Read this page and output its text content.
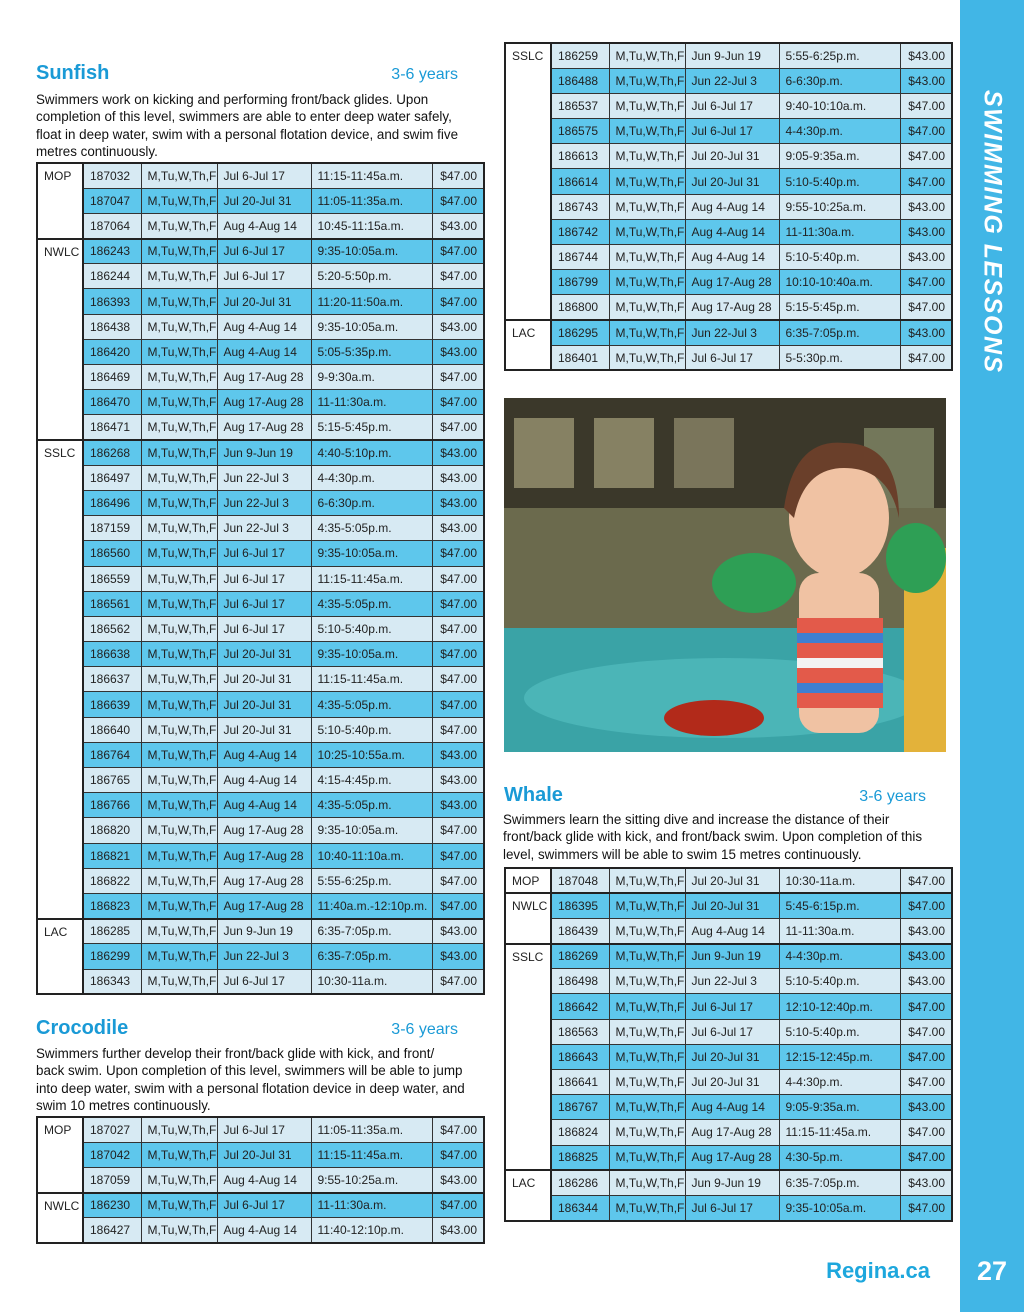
SWIMMING LESSONS
Regina.ca	27
Sunfish	3-6 years
Swimmers work on kicking and performing front/back glides. Upon completion of this level, swimmers are able to enter deep water safely, float in deep water, swim with a personal flotation device, and swim five metres continuously.
MOP	187032	M,Tu,W,Th,F	Jul 6-Jul 17	11:15-11:45a.m.	$47.00
	187047	M,Tu,W,Th,F	Jul 20-Jul 31	11:05-11:35a.m.	$47.00
	187064	M,Tu,W,Th,F	Aug 4-Aug 14	10:45-11:15a.m.	$43.00
NWLC	186243	M,Tu,W,Th,F	Jul 6-Jul 17	9:35-10:05a.m.	$47.00
	186244	M,Tu,W,Th,F	Jul 6-Jul 17	5:20-5:50p.m.	$47.00
	186393	M,Tu,W,Th,F	Jul 20-Jul 31	11:20-11:50a.m.	$47.00
	186438	M,Tu,W,Th,F	Aug 4-Aug 14	9:35-10:05a.m.	$43.00
	186420	M,Tu,W,Th,F	Aug 4-Aug 14	5:05-5:35p.m.	$43.00
	186469	M,Tu,W,Th,F	Aug 17-Aug 28	9-9:30a.m.	$47.00
	186470	M,Tu,W,Th,F	Aug 17-Aug 28	11-11:30a.m.	$47.00
	186471	M,Tu,W,Th,F	Aug 17-Aug 28	5:15-5:45p.m.	$47.00
SSLC	186268	M,Tu,W,Th,F	Jun 9-Jun 19	4:40-5:10p.m.	$43.00
	186497	M,Tu,W,Th,F	Jun 22-Jul 3	4-4:30p.m.	$43.00
	186496	M,Tu,W,Th,F	Jun 22-Jul 3	6-6:30p.m.	$43.00
	187159	M,Tu,W,Th,F	Jun 22-Jul 3	4:35-5:05p.m.	$43.00
	186560	M,Tu,W,Th,F	Jul 6-Jul 17	9:35-10:05a.m.	$47.00
	186559	M,Tu,W,Th,F	Jul 6-Jul 17	11:15-11:45a.m.	$47.00
	186561	M,Tu,W,Th,F	Jul 6-Jul 17	4:35-5:05p.m.	$47.00
	186562	M,Tu,W,Th,F	Jul 6-Jul 17	5:10-5:40p.m.	$47.00
	186638	M,Tu,W,Th,F	Jul 20-Jul 31	9:35-10:05a.m.	$47.00
	186637	M,Tu,W,Th,F	Jul 20-Jul 31	11:15-11:45a.m.	$47.00
	186639	M,Tu,W,Th,F	Jul 20-Jul 31	4:35-5:05p.m.	$47.00
	186640	M,Tu,W,Th,F	Jul 20-Jul 31	5:10-5:40p.m.	$47.00
	186764	M,Tu,W,Th,F	Aug 4-Aug 14	10:25-10:55a.m.	$43.00
	186765	M,Tu,W,Th,F	Aug 4-Aug 14	4:15-4:45p.m.	$43.00
	186766	M,Tu,W,Th,F	Aug 4-Aug 14	4:35-5:05p.m.	$43.00
	186820	M,Tu,W,Th,F	Aug 17-Aug 28	9:35-10:05a.m.	$47.00
	186821	M,Tu,W,Th,F	Aug 17-Aug 28	10:40-11:10a.m.	$47.00
	186822	M,Tu,W,Th,F	Aug 17-Aug 28	5:55-6:25p.m.	$47.00
	186823	M,Tu,W,Th,F	Aug 17-Aug 28	11:40a.m.-12:10p.m.	$47.00
LAC	186285	M,Tu,W,Th,F	Jun 9-Jun 19	6:35-7:05p.m.	$43.00
	186299	M,Tu,W,Th,F	Jun 22-Jul 3	6:35-7:05p.m.	$43.00
	186343	M,Tu,W,Th,F	Jul 6-Jul 17	10:30-11a.m.	$47.00
Crocodile	3-6 years
Swimmers further develop their front/back glide with kick, and front/ back swim. Upon completion of this level, swimmers will be able to jump into deep water, swim with a personal flotation device in deep water, and swim 10 metres continuously.
MOP	187027	M,Tu,W,Th,F	Jul 6-Jul 17	11:05-11:35a.m.	$47.00
	187042	M,Tu,W,Th,F	Jul 20-Jul 31	11:15-11:45a.m.	$47.00
	187059	M,Tu,W,Th,F	Aug 4-Aug 14	9:55-10:25a.m.	$43.00
NWLC	186230	M,Tu,W,Th,F	Jul 6-Jul 17	11-11:30a.m.	$47.00
	186427	M,Tu,W,Th,F	Aug 4-Aug 14	11:40-12:10p.m.	$43.00
SSLC	186259	M,Tu,W,Th,F	Jun 9-Jun 19	5:55-6:25p.m.	$43.00
	186488	M,Tu,W,Th,F	Jun 22-Jul 3	6-6:30p.m.	$43.00
	186537	M,Tu,W,Th,F	Jul 6-Jul 17	9:40-10:10a.m.	$47.00
	186575	M,Tu,W,Th,F	Jul 6-Jul 17	4-4:30p.m.	$47.00
	186613	M,Tu,W,Th,F	Jul 20-Jul 31	9:05-9:35a.m.	$47.00
	186614	M,Tu,W,Th,F	Jul 20-Jul 31	5:10-5:40p.m.	$47.00
	186743	M,Tu,W,Th,F	Aug 4-Aug 14	9:55-10:25a.m.	$43.00
	186742	M,Tu,W,Th,F	Aug 4-Aug 14	11-11:30a.m.	$43.00
	186744	M,Tu,W,Th,F	Aug 4-Aug 14	5:10-5:40p.m.	$43.00
	186799	M,Tu,W,Th,F	Aug 17-Aug 28	10:10-10:40a.m.	$47.00
	186800	M,Tu,W,Th,F	Aug 17-Aug 28	5:15-5:45p.m.	$47.00
LAC	186295	M,Tu,W,Th,F	Jun 22-Jul 3	6:35-7:05p.m.	$43.00
	186401	M,Tu,W,Th,F	Jul 6-Jul 17	5-5:30p.m.	$47.00
Whale	3-6 years
Swimmers learn the sitting dive and increase the distance of their front/back glide with kick, and front/back swim. Upon completion of this level, swimmers will be able to swim 15 metres continuously.
MOP	187048	M,Tu,W,Th,F	Jul 20-Jul 31	10:30-11a.m.	$47.00
NWLC	186395	M,Tu,W,Th,F	Jul 20-Jul 31	5:45-6:15p.m.	$47.00
	186439	M,Tu,W,Th,F	Aug 4-Aug 14	11-11:30a.m.	$43.00
SSLC	186269	M,Tu,W,Th,F	Jun 9-Jun 19	4-4:30p.m.	$43.00
	186498	M,Tu,W,Th,F	Jun 22-Jul 3	5:10-5:40p.m.	$43.00
	186642	M,Tu,W,Th,F	Jul 6-Jul 17	12:10-12:40p.m.	$47.00
	186563	M,Tu,W,Th,F	Jul 6-Jul 17	5:10-5:40p.m.	$47.00
	186643	M,Tu,W,Th,F	Jul 20-Jul 31	12:15-12:45p.m.	$47.00
	186641	M,Tu,W,Th,F	Jul 20-Jul 31	4-4:30p.m.	$47.00
	186767	M,Tu,W,Th,F	Aug 4-Aug 14	9:05-9:35a.m.	$43.00
	186824	M,Tu,W,Th,F	Aug 17-Aug 28	11:15-11:45a.m.	$47.00
	186825	M,Tu,W,Th,F	Aug 17-Aug 28	4:30-5p.m.	$47.00
LAC	186286	M,Tu,W,Th,F	Jun 9-Jun 19	6:35-7:05p.m.	$43.00
	186344	M,Tu,W,Th,F	Jul 6-Jul 17	9:35-10:05a.m.	$47.00
